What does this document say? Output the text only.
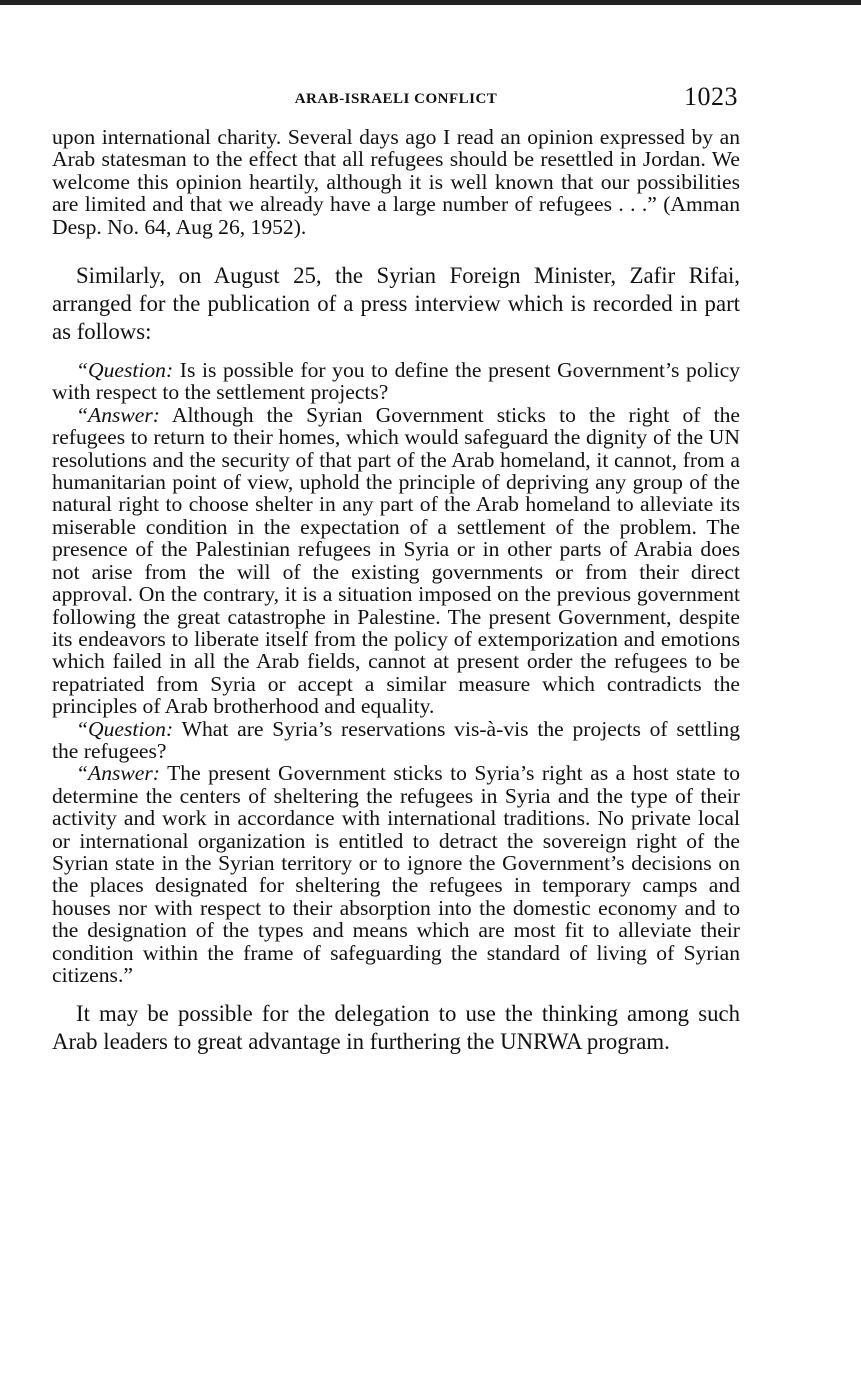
ARAB-ISRAELI CONFLICT	1023

upon international charity. Several days ago I read an opinion expressed by an Arab statesman to the effect that all refugees should be resettled in Jordan. We welcome this opinion heartily, although it is well known that our possibilities are limited and that we already have a large number of refugees . . .” (Amman Desp. No. 64, Aug 26, 1952).

Similarly, on August 25, the Syrian Foreign Minister, Zafir Rifai, arranged for the publication of a press interview which is recorded in part as follows:

“Question: Is is possible for you to define the present Government’s policy with respect to the settlement projects?

“Answer: Although the Syrian Government sticks to the right of the refugees to return to their homes, which would safeguard the dignity of the UN resolutions and the security of that part of the Arab homeland, it cannot, from a humanitarian point of view, uphold the principle of depriving any group of the natural right to choose shelter in any part of the Arab homeland to alleviate its miserable condition in the expectation of a settlement of the problem. The presence of the Palestinian refugees in Syria or in other parts of Arabia does not arise from the will of the existing governments or from their direct approval. On the contrary, it is a situation imposed on the previous government following the great catastrophe in Palestine. The present Government, despite its endeavors to liberate itself from the policy of extemporization and emotions which failed in all the Arab fields, cannot at present order the refugees to be repatriated from Syria or accept a similar measure which contradicts the principles of Arab brotherhood and equality.

“Question: What are Syria’s reservations vis-à-vis the projects of settling the refugees?

“Answer: The present Government sticks to Syria’s right as a host state to determine the centers of sheltering the refugees in Syria and the type of their activity and work in accordance with international traditions. No private local or international organization is entitled to detract the sovereign right of the Syrian state in the Syrian territory or to ignore the Government’s decisions on the places designated for sheltering the refugees in temporary camps and houses nor with respect to their absorption into the domestic economy and to the designation of the types and means which are most fit to alleviate their condition within the frame of safeguarding the standard of living of Syrian citizens.”

It may be possible for the delegation to use the thinking among such Arab leaders to great advantage in furthering the UNRWA program.
